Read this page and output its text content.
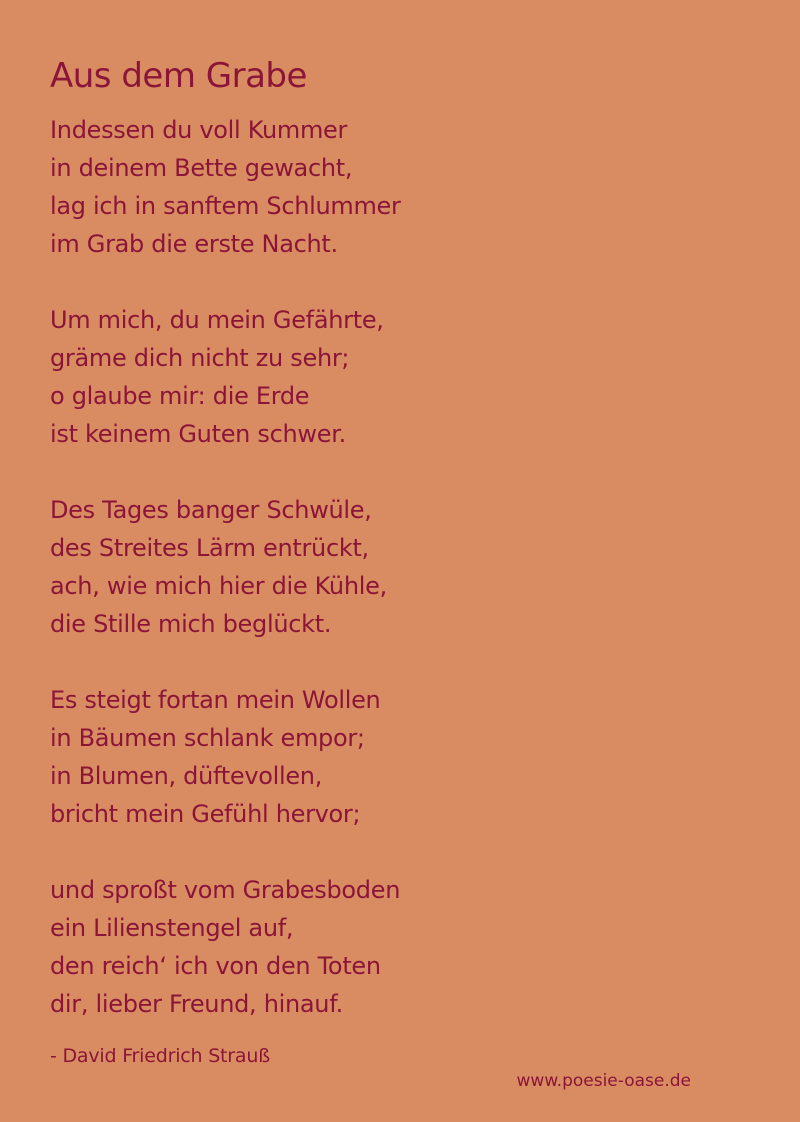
Aus dem Grabe
Indessen du voll Kummer
in deinem Bette gewacht,
lag ich in sanftem Schlummer
im Grab die erste Nacht.
Um mich, du mein Gefährte,
gräme dich nicht zu sehr;
o glaube mir: die Erde
ist keinem Guten schwer.
Des Tages banger Schwüle,
des Streites Lärm entrückt,
ach, wie mich hier die Kühle,
die Stille mich beglückt.
Es steigt fortan mein Wollen
in Bäumen schlank empor;
in Blumen, düftevollen,
bricht mein Gefühl hervor;
und sproßt vom Grabesboden
ein Lilienstengel auf,
den reich‘ ich von den Toten
dir, lieber Freund, hinauf.
- David Friedrich Strauß
www.poesie-oase.de
